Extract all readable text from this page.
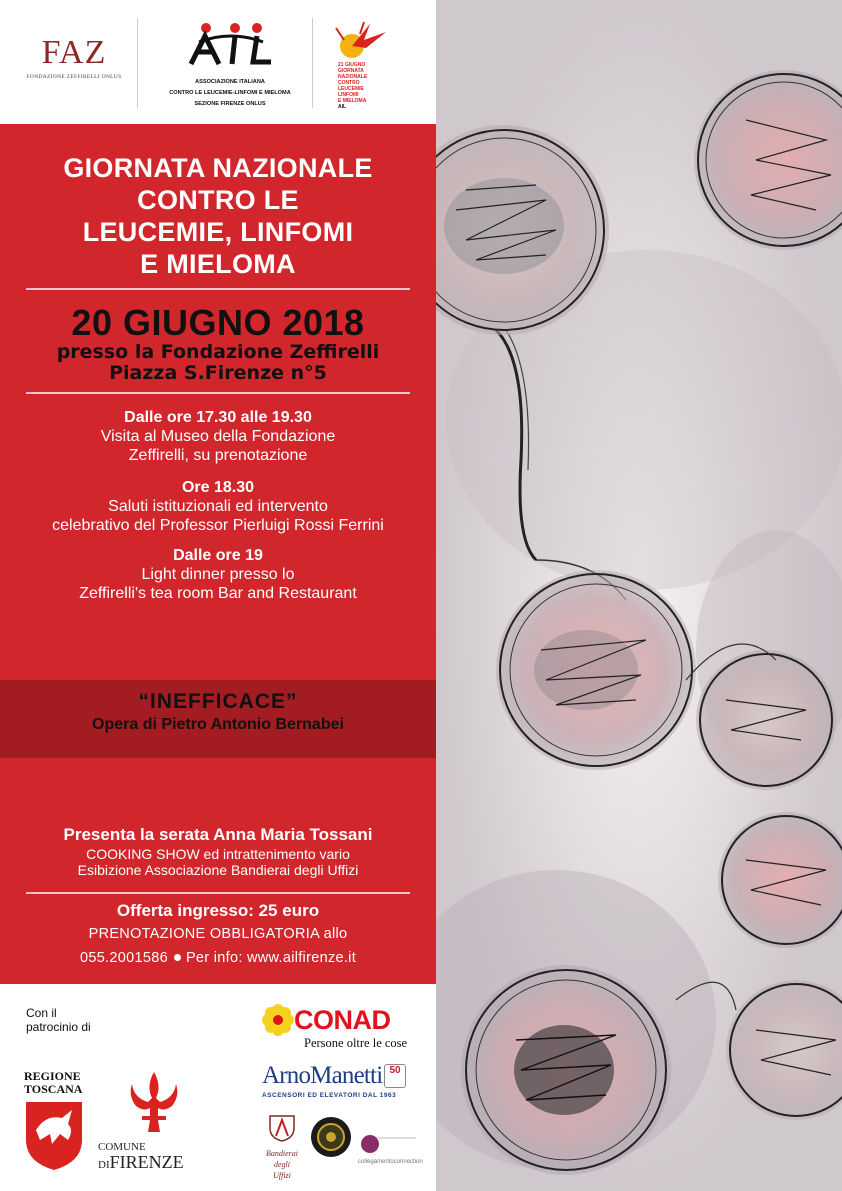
FAZ
FONDAZIONE ZEFFIRELLI ONLUS
ASSOCIAZIONE ITALIANA
CONTRO LE LEUCEMIE-LINFOMI E MIELOMA
SEZIONE FIRENZE ONLUS
21 GIUGNO
GIORNATA
NAZIONALE
CONTRO
LEUCEMIE
LINFOMI
E MIELOMA
AIL
GIORNATA NAZIONALE
CONTRO LE
LEUCEMIE, LINFOMI
E MIELOMA
20 GIUGNO 2018
presso la Fondazione Zeffirelli
Piazza S.Firenze n°5
Dalle ore 17.30 alle 19.30
Visita al Museo della Fondazione
Zeffirelli, su prenotazione
Ore 18.30
Saluti istituzionali ed intervento
celebrativo del Professor Pierluigi Rossi Ferrini
Dalle ore 19
Light dinner presso lo
Zeffirelli's tea room Bar and Restaurant
“INEFFICACE”
Opera di Pietro Antonio Bernabei
Presenta la serata Anna Maria Tossani
COOKING SHOW ed intrattenimento vario
Esibizione Associazione Bandierai degli Uffizi
Offerta ingresso: 25 euro
PRENOTAZIONE OBBLIGATORIA allo
055.2001586 Per info: www.ailfirenze.it
Con il
patrocinio di
REGIONE
TOSCANA
COMUNE
DIFIRENZE
CONAD
Persone oltre le cose
ArnoManetti 50
ASCENSORI ED ELEVATORI DAL 1963
Bandierai
degli
Uffizi
collegamentoconnection
